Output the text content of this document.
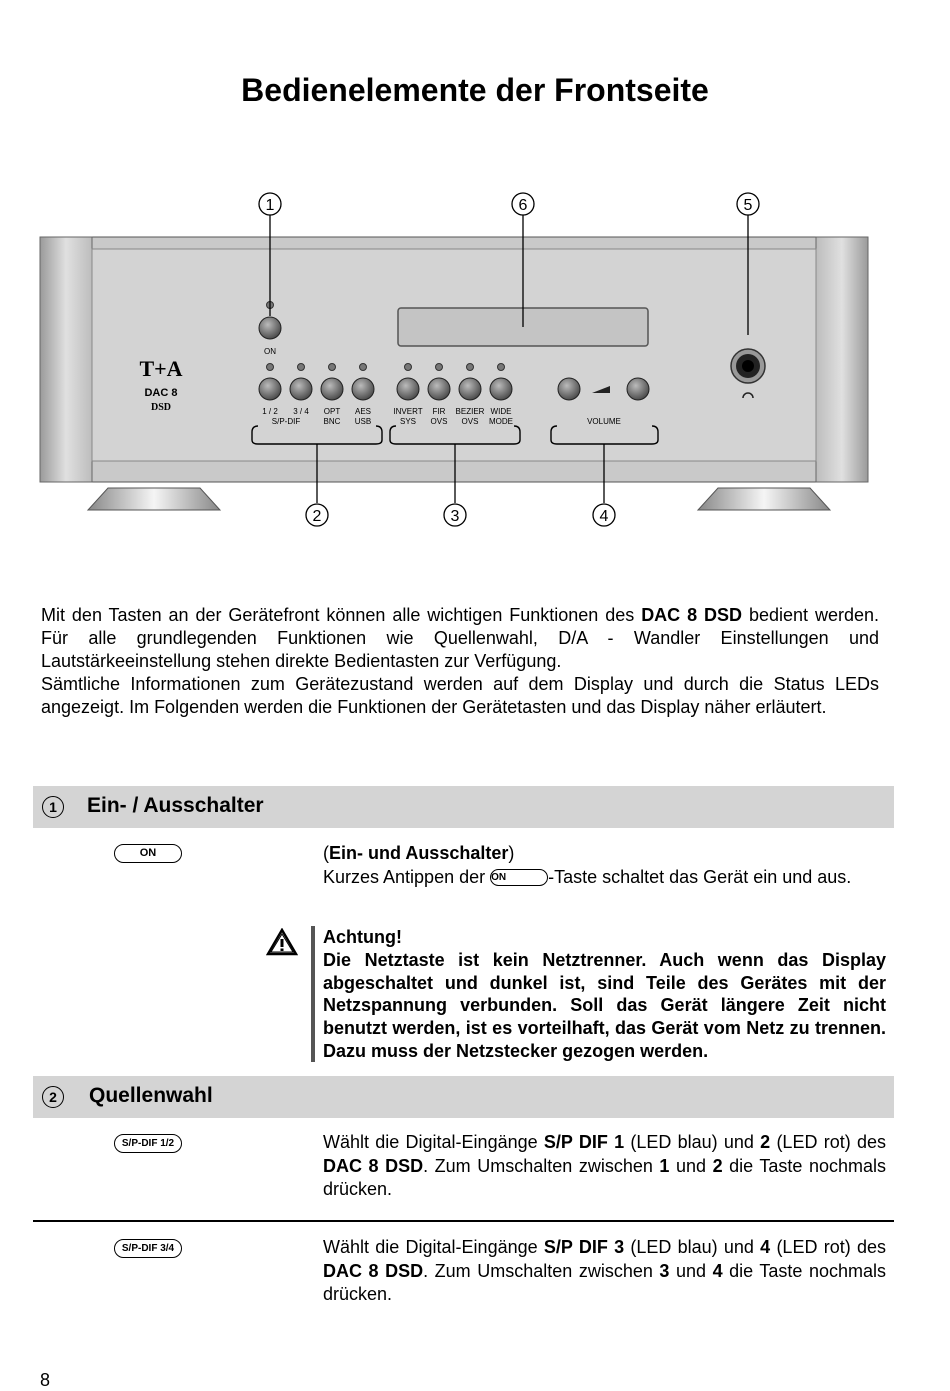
Bedienelemente der Frontseite
T+A
DAC 8
DSD
ON
1 / 2 3 / 4 OPT AES
S/P-DIF	BNC USB
INVERT FIR BEZIER WIDE
SYS OVS OVS MODE	VOLUME
1	6	5
2	3	4

Mit den Tasten an der Gerätefront können alle wichtigen Funktionen des DAC 8 DSD bedient werden. Für alle grundlegenden Funktionen wie Quellenwahl, D/A - Wandler Einstellungen und Lautstärkeeinstellung stehen direkte Bedientasten zur Verfügung.

Sämtliche Informationen zum Gerätezustand werden auf dem Display und durch die Status LEDs angezeigt. Im Folgenden werden die Funktionen der Gerätetasten und das Display näher erläutert.

1	Ein- / Ausschalter
ON	(Ein- und Ausschalter)

Kurzes Antippen der ON -Taste schaltet das Gerät ein und aus.

Achtung!

Die Netztaste ist kein Netztrenner. Auch wenn das Display abgeschaltet und dunkel ist, sind Teile des Gerätes mit der Netzspannung verbunden. Soll das Gerät längere Zeit nicht benutzt werden, ist es vorteilhaft, das Gerät vom Netz zu trennen. Dazu muss der Netzstecker gezogen werden.

2	Quellenwahl
S/P-DIF 1/2	Wählt die Digital-Eingänge S/P DIF 1 (LED blau) und 2 (LED rot) des DAC 8 DSD. Zum Umschalten zwischen 1 und 2 die Taste nochmals drücken.

S/P-DIF 3/4	Wählt die Digital-Eingänge S/P DIF 3 (LED blau) und 4 (LED rot) des DAC 8 DSD. Zum Umschalten zwischen 3 und 4 die Taste nochmals drücken.

8
